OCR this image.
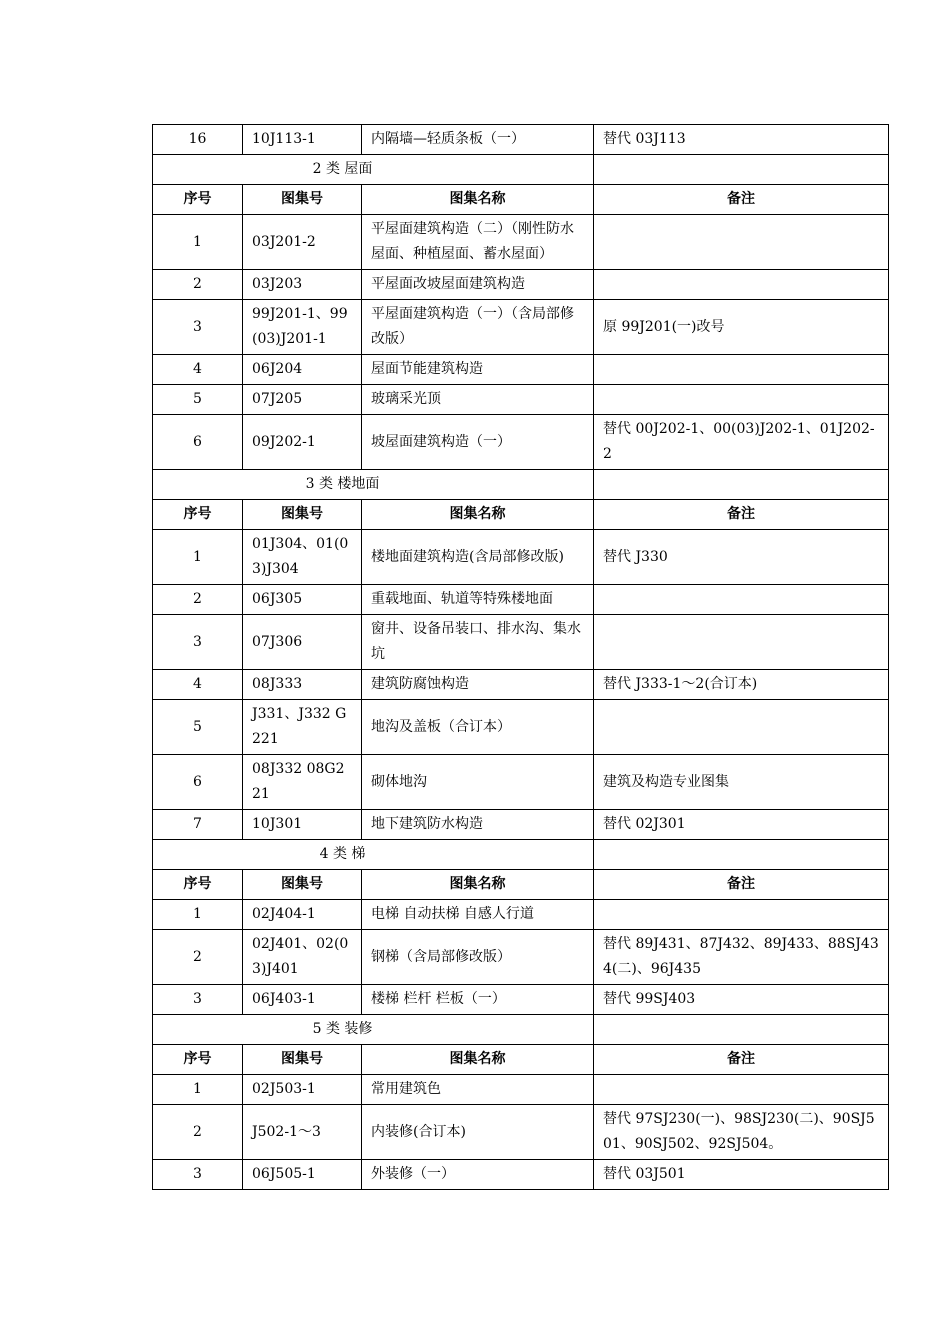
16	10J113-1	内隔墙—轻质条板（一）	替代 03J113
2 类 屋面			
序号	图集号	图集名称	备注
1	03J201-2	平屋面建筑构造（二）（刚性防水屋面、种植屋面、蓄水屋面）	
2	03J203	平屋面改坡屋面建筑构造	
3	99J201-1、99(03)J201-1	平屋面建筑构造（一）（含局部修改版）	原 99J201(一)改号
4	06J204	屋面节能建筑构造	
5	07J205	玻璃采光顶	
6	09J202-1	坡屋面建筑构造（一）	替代 00J202-1、00(03)J202-1、01J202-2
3 类 楼地面			
序号	图集号	图集名称	备注
1	01J304、01(03)J304	楼地面建筑构造(含局部修改版)	替代 J330
2	06J305	重载地面、轨道等特殊楼地面	
3	07J306	窗井、设备吊装口、排水沟、集水坑	
4	08J333	建筑防腐蚀构造	替代 J333-1～2(合订本)
5	J331、J332 G221	地沟及盖板（合订本）	
6	08J332 08G221	砌体地沟	建筑及构造专业图集
7	10J301	地下建筑防水构造	替代 02J301
4 类 梯			
序号	图集号	图集名称	备注
1	02J404-1	电梯 自动扶梯 自感人行道	
2	02J401、02(03)J401	钢梯（含局部修改版）	替代 89J431、87J432、89J433、88SJ434(二)、96J435
3	06J403-1	楼梯 栏杆 栏板（一）	替代 99SJ403
5 类 装修			
序号	图集号	图集名称	备注
1	02J503-1	常用建筑色	
2	J502-1～3	内装修(合订本)	替代 97SJ230(一)、98SJ230(二)、90SJ501、90SJ502、92SJ504。
3	06J505-1	外装修（一）	替代 03J501
